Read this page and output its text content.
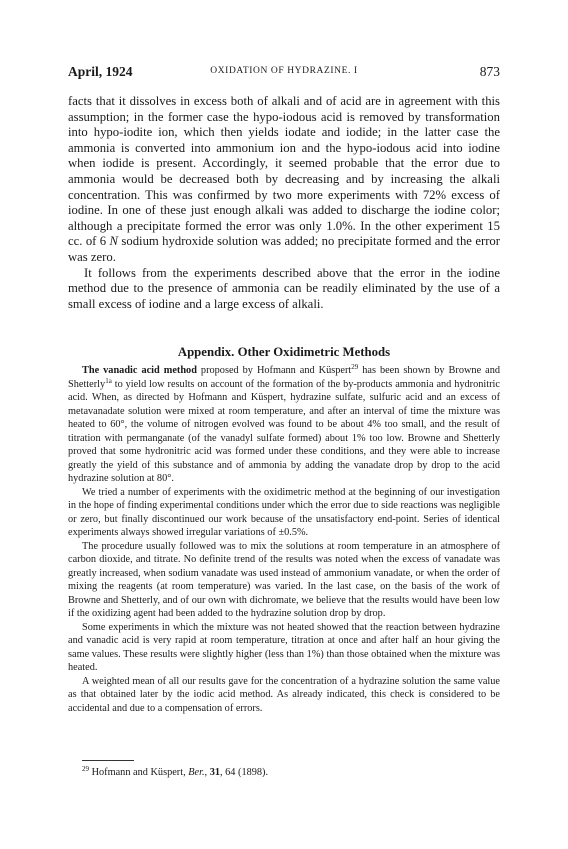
April, 1924	OXIDATION OF HYDRAZINE. I	873

facts that it dissolves in excess both of alkali and of acid are in agreement with this assumption; in the former case the hypo-iodous acid is removed by transformation into hypo-iodite ion, which then yields iodate and iodide; in the latter case the ammonia is converted into ammonium ion and the hypo-iodous acid into iodine when iodide is present. Accordingly, it seemed probable that the error due to ammonia would be decreased both by decreasing and by increasing the alkali concentration. This was confirmed by two more experiments with 72% excess of iodine. In one of these just enough alkali was added to discharge the iodine color; although a precipitate formed the error was only 1.0%. In the other experiment 15 cc. of 6 N sodium hydroxide solution was added; no precipitate formed and the error was zero.

It follows from the experiments described above that the error in the iodine method due to the presence of ammonia can be readily eliminated by the use of a small excess of iodine and a large excess of alkali.

Appendix. Other Oxidimetric Methods

The vanadic acid method proposed by Hofmann and Küspert$^{29}$ has been shown by Browne and Shetterly$^{1a}$ to yield low results on account of the formation of the by-products ammonia and hydronitric acid. When, as directed by Hofmann and Küspert, hydrazine sulfate, sulfuric acid and an excess of metavanadate solution were mixed at room temperature, and after an interval of time the mixture was heated to 60°, the volume of nitrogen evolved was found to be about 4% too small, and the result of titration with permanganate (of the vanadyl sulfate formed) about 1% too low. Browne and Shetterly proved that some hydronitric acid was formed under these conditions, and they were able to increase greatly the yield of this substance and of ammonia by adding the vanadate drop by drop to the acid hydrazine solution at 80°.

We tried a number of experiments with the oxidimetric method at the beginning of our investigation in the hope of finding experimental conditions under which the error due to side reactions was negligible or zero, but finally discontinued our work because of the unsatisfactory end-point. Series of identical experiments always showed irregular variations of ±0.5%.

The procedure usually followed was to mix the solutions at room temperature in an atmosphere of carbon dioxide, and titrate. No definite trend of the results was noted when the excess of vanadate was greatly increased, when sodium vanadate was used instead of ammonium vanadate, or when the order of mixing the reagents (at room temperature) was varied. In the last case, on the basis of the work of Browne and Shetterly, and of our own with dichromate, we believe that the results would have been low if the oxidizing agent had been added to the hydrazine solution drop by drop.

Some experiments in which the mixture was not heated showed that the reaction between hydrazine and vanadic acid is very rapid at room temperature, titration at once and after half an hour giving the same values. These results were slightly higher (less than 1%) than those obtained when the mixture was heated.

A weighted mean of all our results gave for the concentration of a hydrazine solution the same value as that obtained later by the iodic acid method. As already indicated, this check is considered to be accidental and due to a compensation of errors.

$^{29}$ Hofmann and Küspert, Ber., 31, 64 (1898).
